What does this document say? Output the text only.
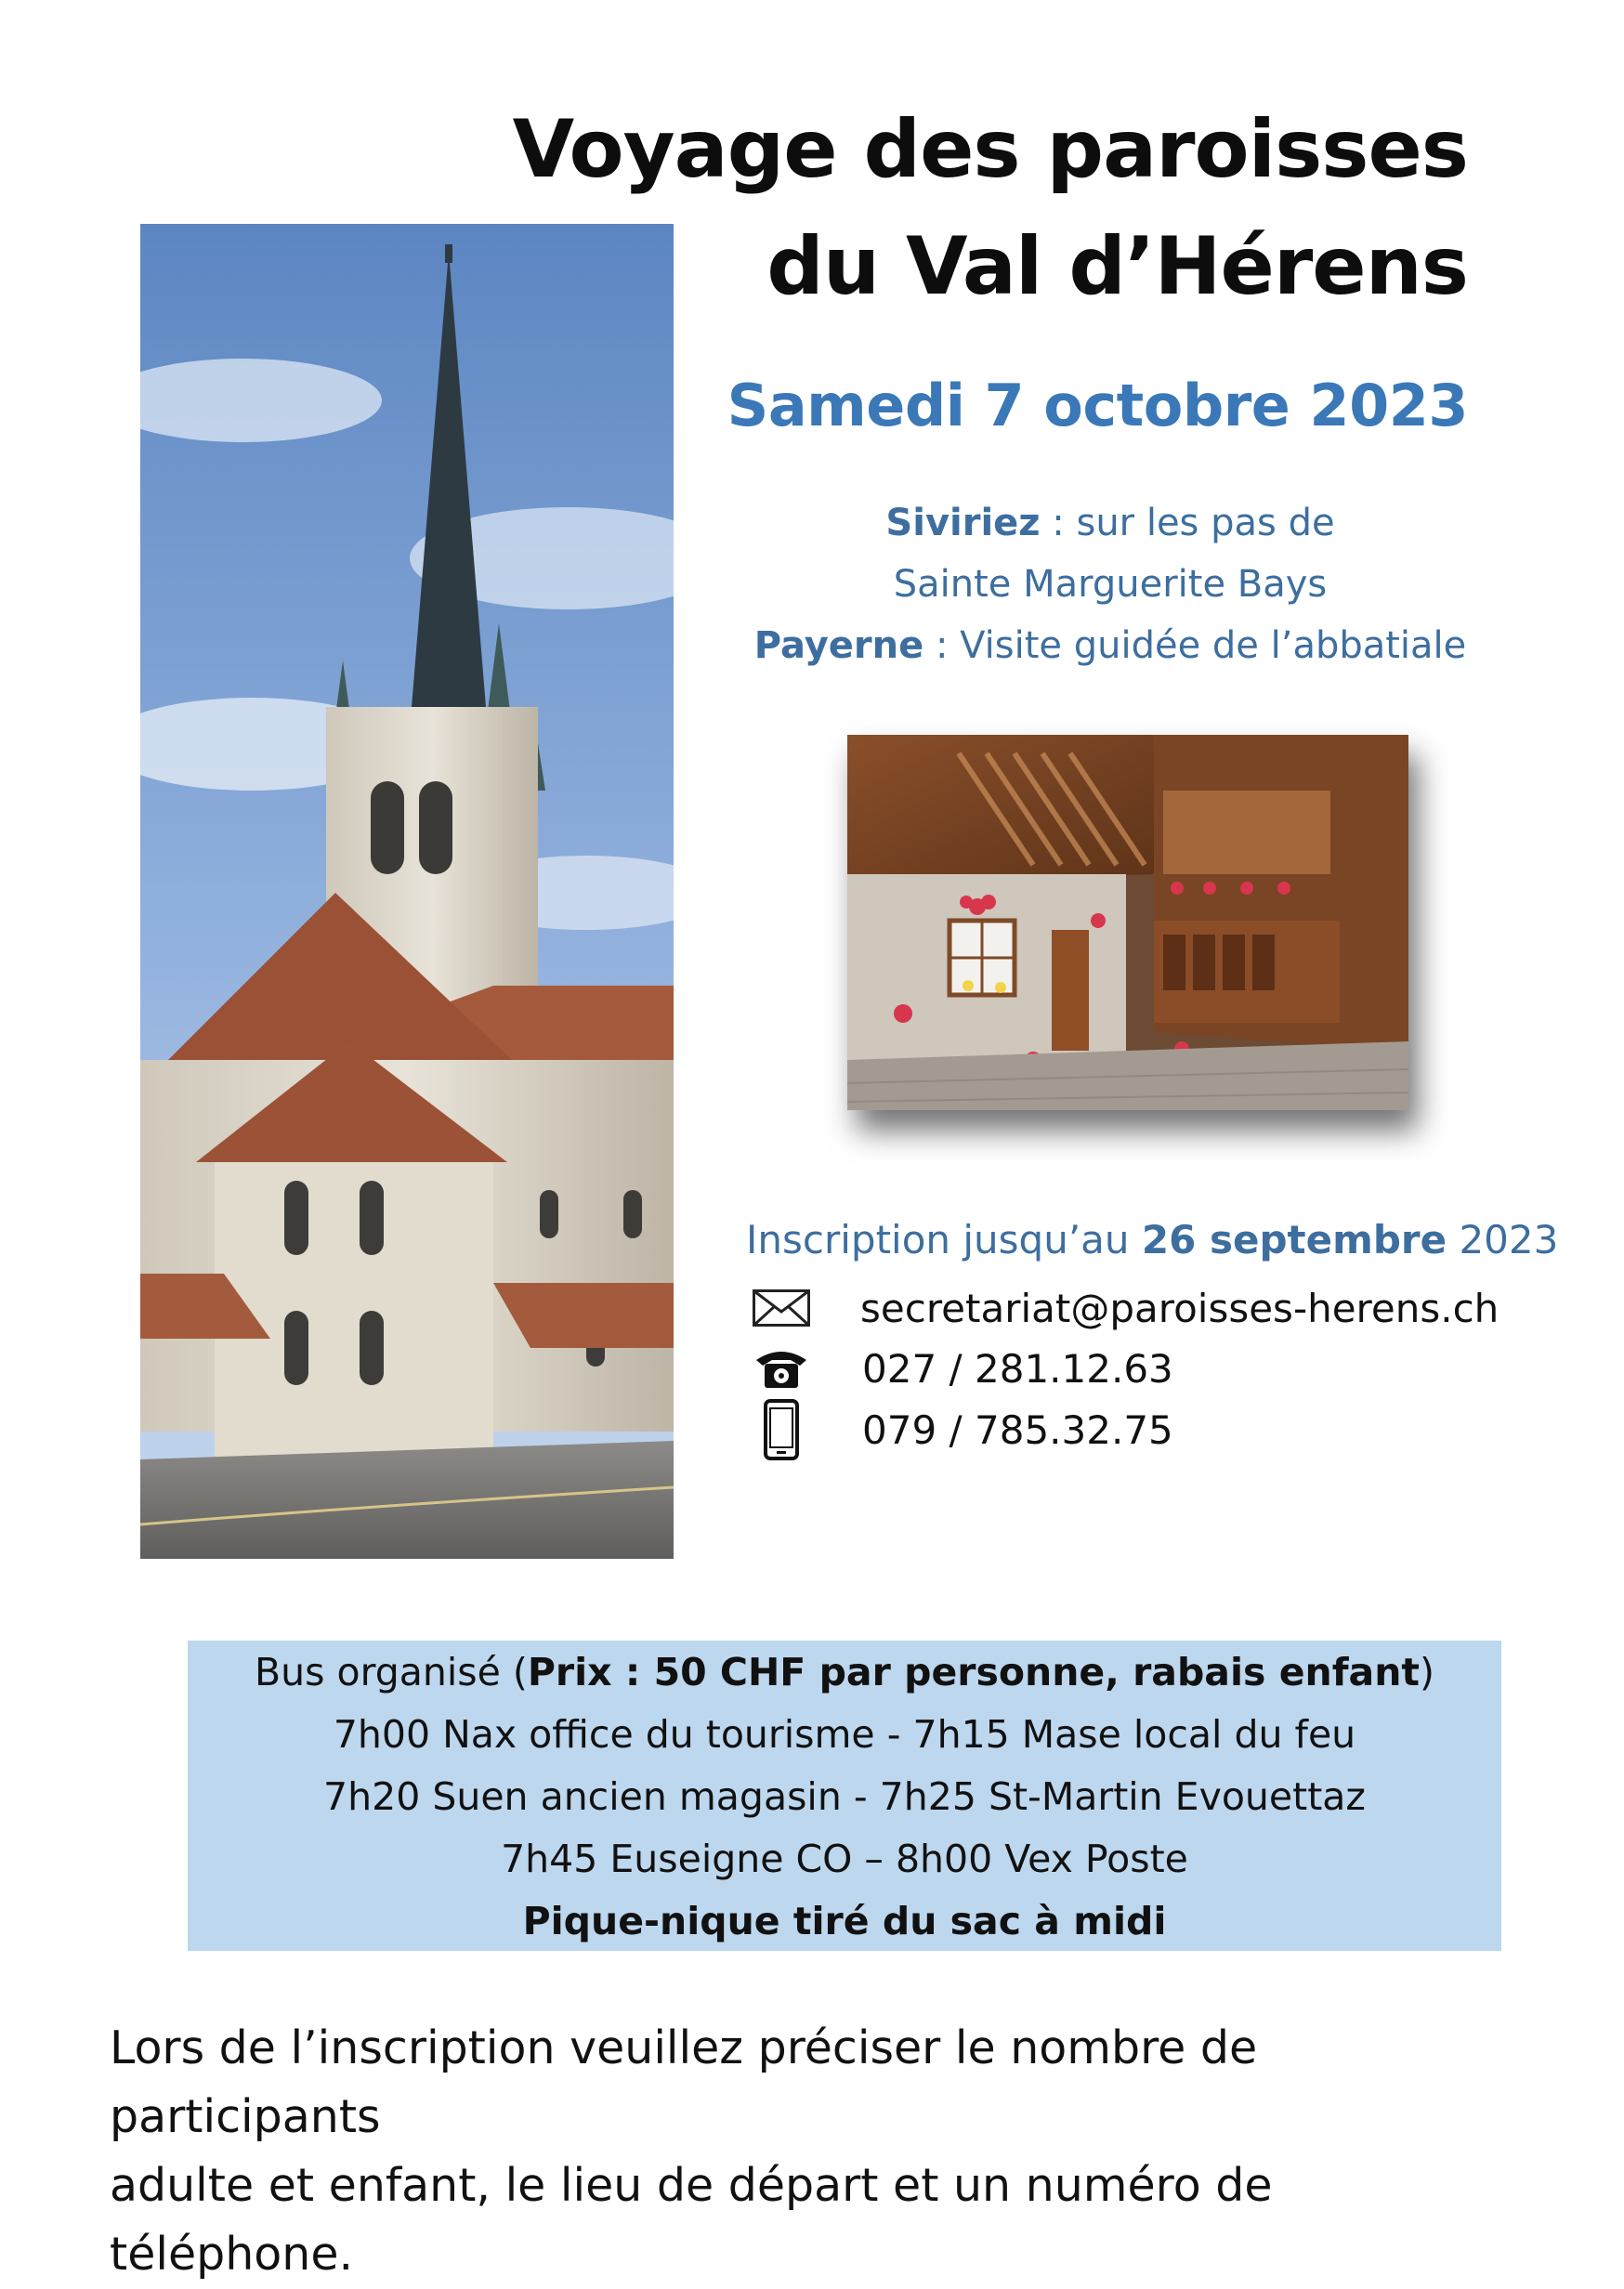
Voyage des paroisses
du Val d’Hérens
Samedi 7 octobre 2023
Siviriez : sur les pas de
Sainte Marguerite Bays
Payerne : Visite guidée de l’abbatiale
Inscription jusqu’au 26 septembre 2023
secretariat@paroisses-herens.ch
027 / 281.12.63
079 / 785.32.75
Bus organisé (Prix : 50 CHF par personne, rabais enfant)
7h00 Nax office du tourisme - 7h15 Mase local du feu
7h20 Suen ancien magasin - 7h25 St-Martin Evouettaz
7h45 Euseigne CO – 8h00 Vex Poste
Pique-nique tiré du sac à midi
Lors de l’inscription veuillez préciser le nombre de participants
adulte et enfant, le lieu de départ et un numéro de téléphone.
